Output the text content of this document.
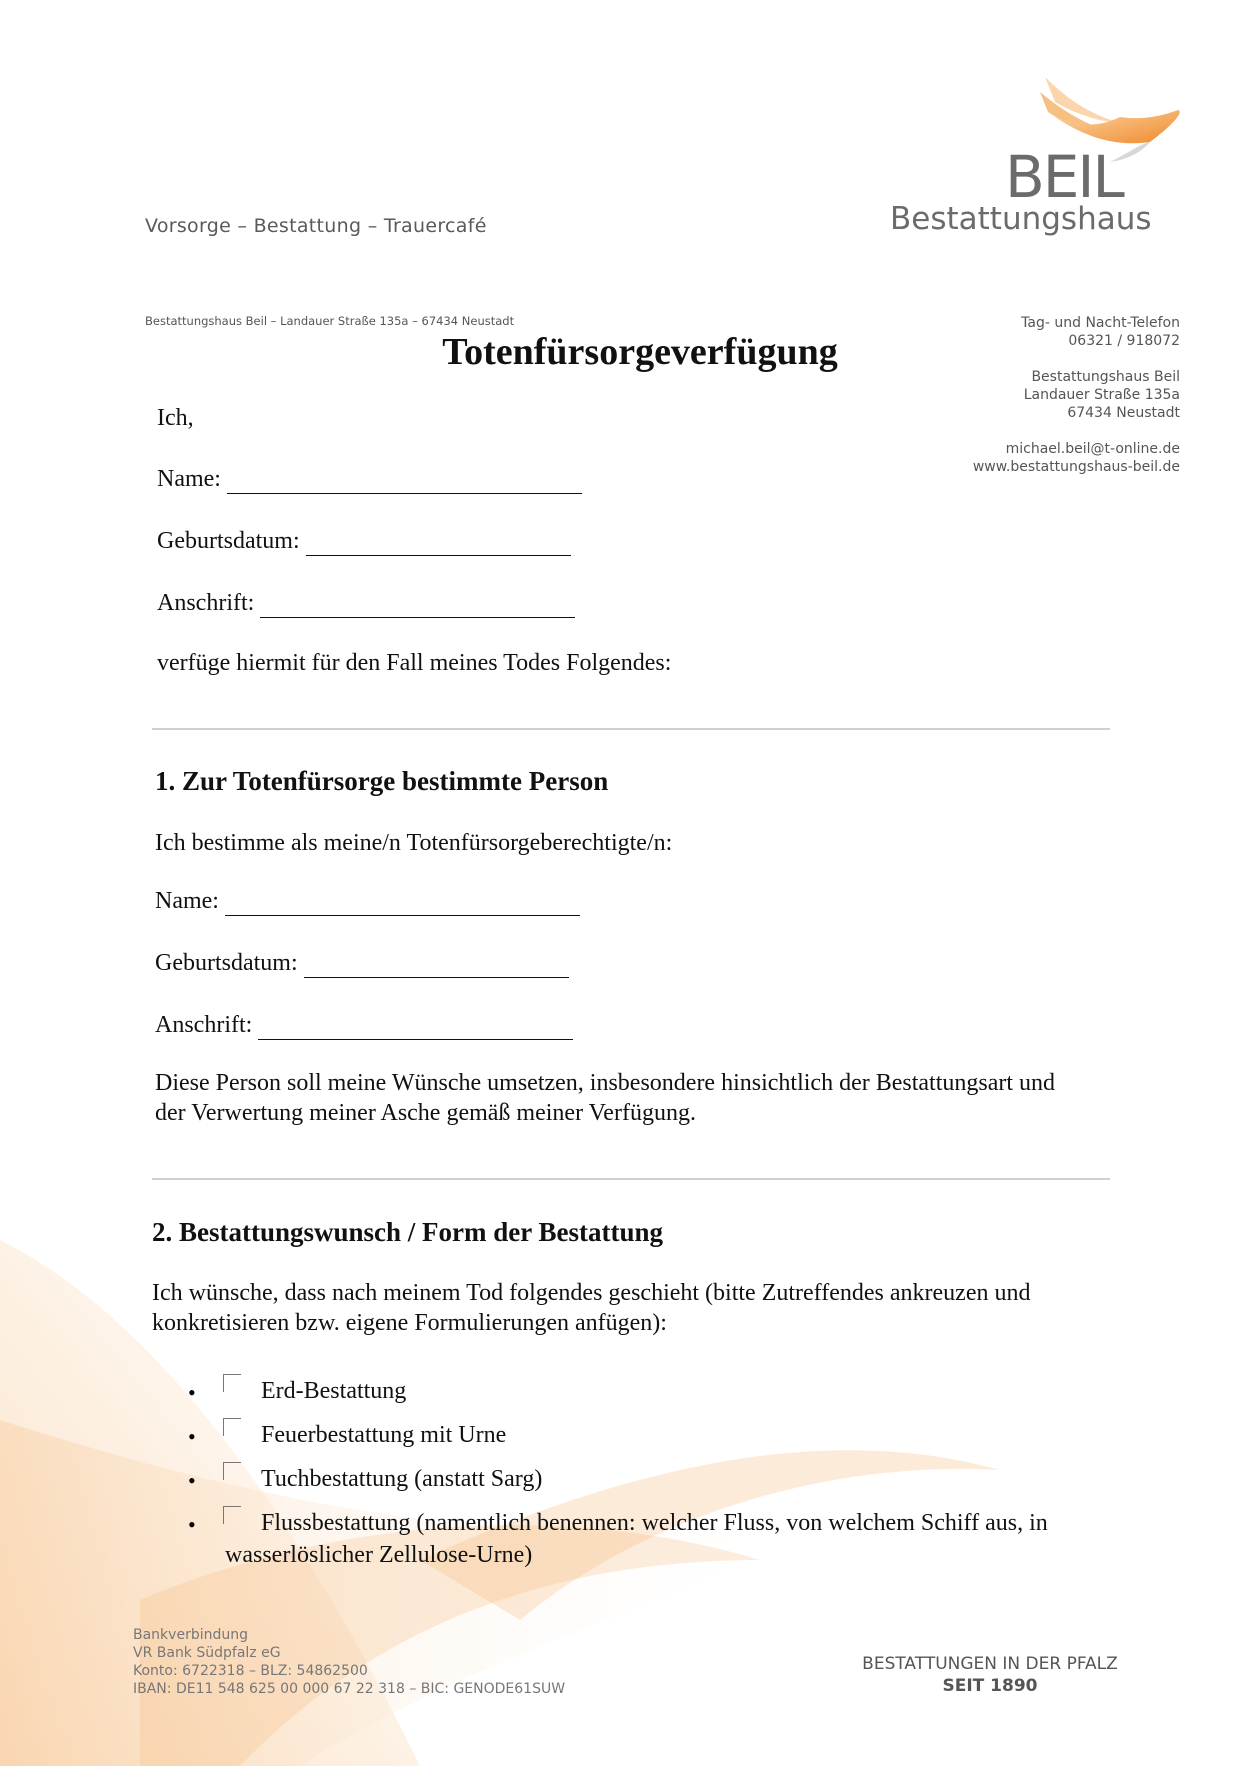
Vorsorge – Bestattung – Trauercafé
BEIL
Bestattungshaus
Bestattungshaus Beil – Landauer Straße 135a – 67434 Neustadt
Totenfürsorgeverfügung
Tag- und Nacht-Telefon
06321 / 918072
Bestattungshaus Beil
Landauer Straße 135a
67434 Neustadt
michael.beil@t-online.de
www.bestattungshaus-beil.de
Ich,
Name:
Geburtsdatum:
Anschrift:
verfüge hiermit für den Fall meines Todes Folgendes:
1. Zur Totenfürsorge bestimmte Person
Ich bestimme als meine/n Totenfürsorgeberechtigte/n:
Name:
Geburtsdatum:
Anschrift:
Diese Person soll meine Wünsche umsetzen, insbesondere hinsichtlich der Bestattungsart und
der Verwertung meiner Asche gemäß meiner Verfügung.
2. Bestattungswunsch / Form der Bestattung
Ich wünsche, dass nach meinem Tod folgendes geschieht (bitte Zutreffendes ankreuzen und
konkretisieren bzw. eigene Formulierungen anfügen):
•	Erd-Bestattung
•	Feuerbestattung mit Urne
•	Tuchbestattung (anstatt Sarg)
•	Flussbestattung (namentlich benennen: welcher Fluss, von welchem Schiff aus, in
wasserlöslicher Zellulose-Urne)
Bankverbindung
VR Bank Südpfalz eG
Konto: 6722318 – BLZ: 54862500
IBAN: DE11 548 625 00 000 67 22 318 – BIC: GENODE61SUW
BESTATTUNGEN IN DER PFALZ
SEIT 1890
